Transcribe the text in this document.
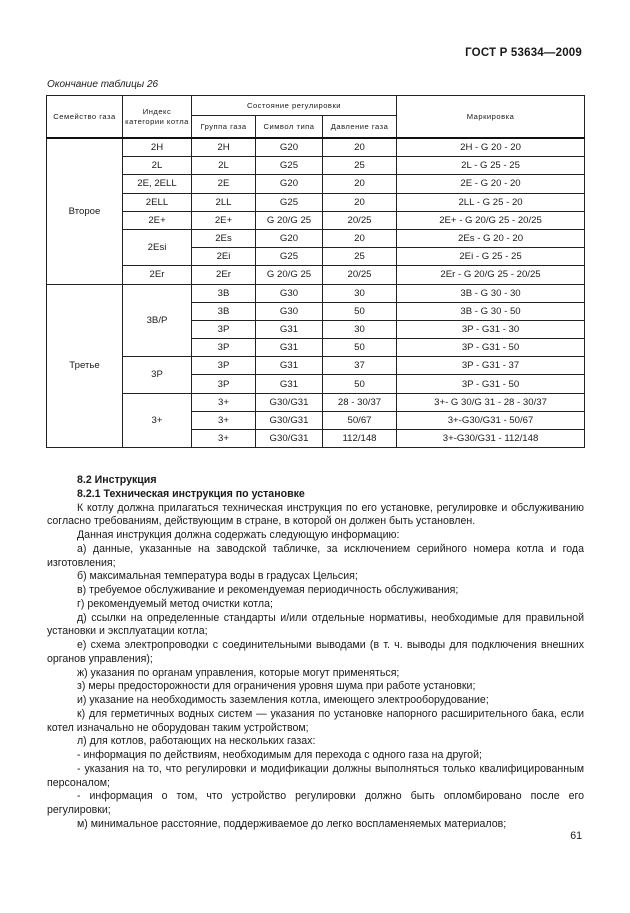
ГОСТ Р 53634—2009
Окончание таблицы 26
Семейство газа	Индекс категории котла	Состояние регулировки			Маркировка
		Группа газа	Символ типа	Давление газа	
Второе	2H	2H	G20	20	2H - G 20 - 20
	2L	2L	G25	25	2L - G 25 - 25
	2E, 2ELL	2E	G20	20	2E - G 20 - 20
	2ELL	2LL	G25	20	2LL - G 25 - 20
	2E+	2E+	G 20/G 25	20/25	2E+ - G 20/G 25 - 20/25
	2Esi	2Es	G20	20	2Es - G 20 - 20
		2Ei	G25	25	2Ei - G 25 - 25
	2Er	2Er	G 20/G 25	20/25	2Er - G 20/G 25 - 20/25
Третье	3B/P	3B	G30	30	3B - G 30 - 30
		3B	G30	50	3B - G 30 - 50
		3P	G31	30	3P - G31 - 30
		3P	G31	50	3P - G31 - 50
	3P	3P	G31	37	3P - G31 - 37
		3P	G31	50	3P - G31 - 50
	3+	3+	G30/G31	28 - 30/37	3+- G 30/G 31 - 28 - 30/37
		3+	G30/G31	50/67	3+-G30/G31 - 50/67
		3+	G30/G31	112/148	3+-G30/G31 - 112/148

8.2 Инструкция

8.2.1 Техническая инструкция по установке

К котлу должна прилагаться техническая инструкция по его установке, регулировке и обслуживанию согласно требованиям, действующим в стране, в которой он должен быть установлен.

Данная инструкция должна содержать следующую информацию:

а) данные, указанные на заводской табличке, за исключением серийного номера котла и года изготовления;

б) максимальная температура воды в градусах Цельсия;

в) требуемое обслуживание и рекомендуемая периодичность обслуживания;

г) рекомендуемый метод очистки котла;

д) ссылки на определенные стандарты и/или отдельные нормативы, необходимые для правильной установки и эксплуатации котла;

е) схема электропроводки с соединительными выводами (в т. ч. выводы для подключения внешних органов управления);

ж) указания по органам управления, которые могут применяться;

з) меры предосторожности для ограничения уровня шума при работе установки;

и) указание на необходимость заземления котла, имеющего электрооборудование;

к) для герметичных водных систем — указания по установке напорного расширительного бака, если котел изначально не оборудован таким устройством;

л) для котлов, работающих на нескольких газах:

- информация по действиям, необходимым для перехода с одного газа на другой;

- указания на то, что регулировки и модификации должны выполняться только квалифицированным персоналом;

- информация о том, что устройство регулировки должно быть опломбировано после его регулировки;

м) минимальное расстояние, поддерживаемое до легко воспламеняемых материалов;

61
